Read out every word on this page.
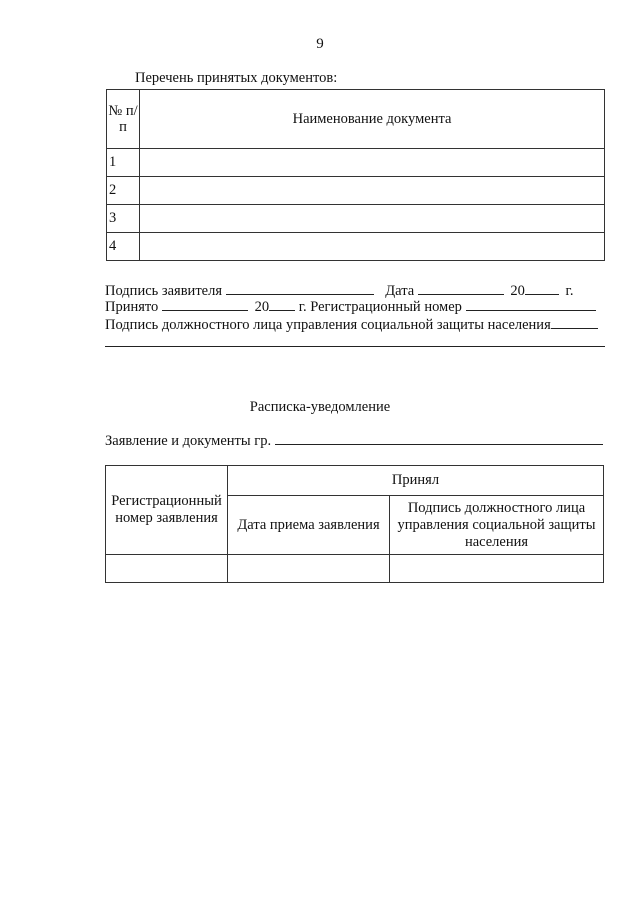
9
Перечень принятых документов:
№ п/п	Наименование документа
1	
2	
3	
4	
Подпись заявителя	Дата	20	г.
Принято	20 г. Регистрационный номер
Подпись должностного лица управления социальной защиты населения
Расписка-уведомление
Заявление и документы гр.
Регистрационный номер заявления	Принял	
	Дата приема заявления	Подпись должностного лица управления социальной защиты населения
